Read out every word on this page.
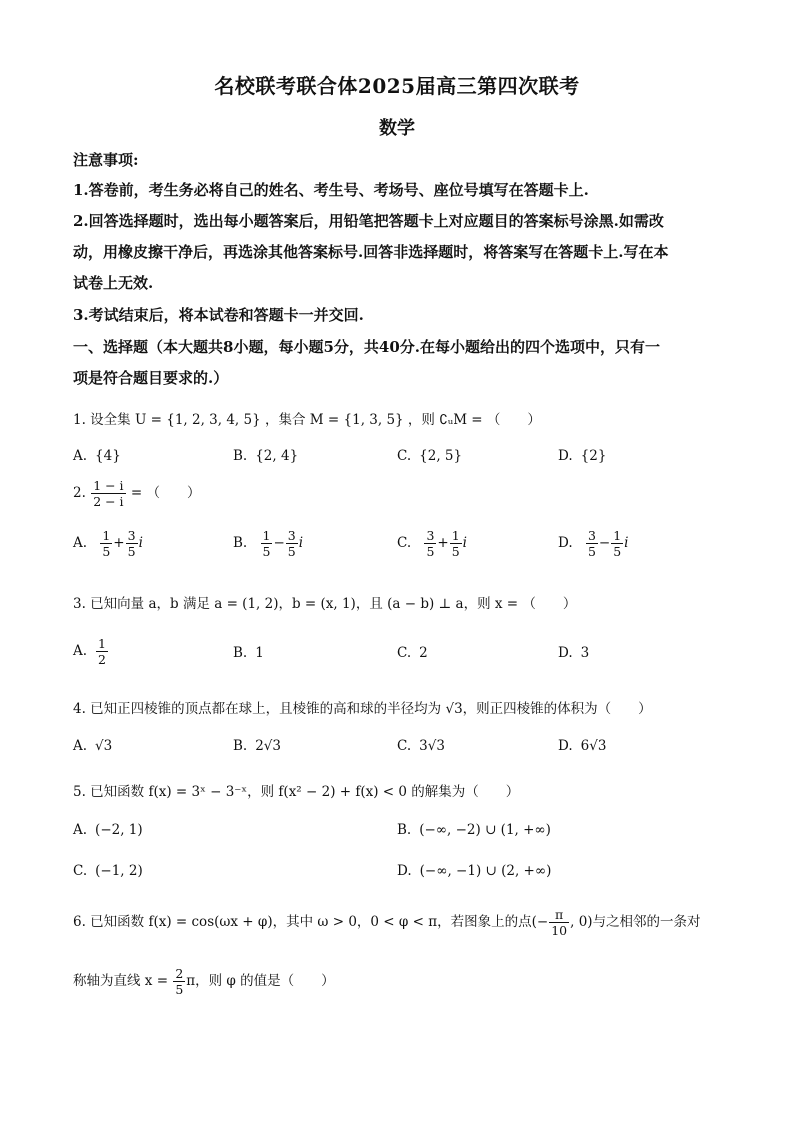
名校联考联合体2025届高三第四次联考
数学
注意事项:
1.答卷前，考生务必将自己的姓名、考生号、考场号、座位号填写在答题卡上.
2.回答选择题时，选出每小题答案后，用铅笔把答题卡上对应题目的答案标号涂黑.如需改
动，用橡皮擦干净后，再选涂其他答案标号.回答非选择题时，将答案写在答题卡上.写在本
试卷上无效.
3.考试结束后，将本试卷和答题卡一并交回.
一、选择题（本大题共8小题，每小题5分，共40分.在每小题给出的四个选项中，只有一
项是符合题目要求的.）
1. 设全集 U = {1, 2, 3, 4, 5} ，集合 M = {1, 3, 5} ，则 ∁ᵤM = （　　）
A. {4}	B. {2, 4}	C. {2, 5}	D. {2}
2. $\frac{1 - i}{2 - i}$ = （　　）
A. $\frac{1}{5} + \frac{3}{5}$ i	B. $\frac{1}{5} - \frac{3}{5}$ i	C. $\frac{3}{5} + \frac{1}{5}$ i	D. $\frac{3}{5} - \frac{1}{5}$ i
3. 已知向量 a，b 满足 a = (1, 2)，b = (x, 1)，且 (a − b) ⊥ a，则 x = （　　）
A. $\frac{1}{2}$	B. 1	C. 2	D. 3
4. 已知正四棱锥的顶点都在球上，且棱锥的高和球的半径均为 √3，则正四棱锥的体积为（　　）
A. √3	B. 2√3	C. 3√3	D. 6√3
5. 已知函数 f(x) = 3ˣ − 3⁻ˣ，则 f(x² − 2) + f(x) < 0 的解集为（　　）
A. (−2, 1)	B. (−∞, −2) ∪ (1, +∞)
C. (−1, 2)	D. (−∞, −1) ∪ (2, +∞)
6. 已知函数 f(x) = cos(ωx + φ)，其中 ω > 0，0 < φ < π，若图象上的点(− $\frac{\pi}{10}$ , 0)与之相邻的一条对
称轴为直线 $x = \frac{2}{5}$ π，则 φ 的值是（　　）
